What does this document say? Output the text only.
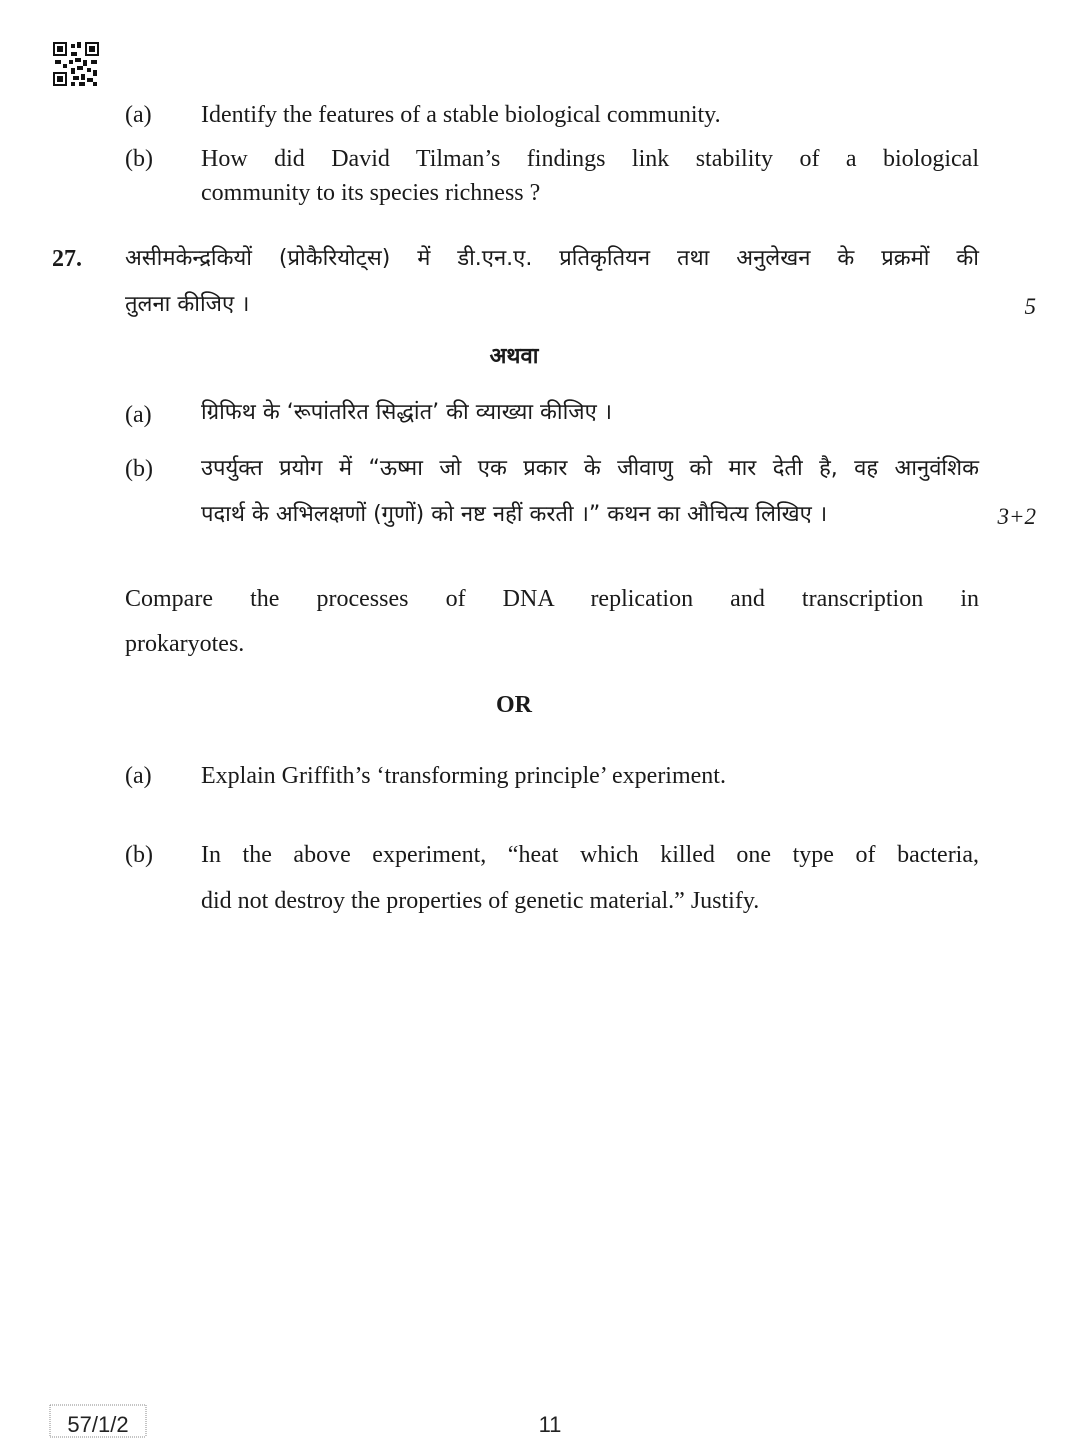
(a) Identify the features of a stable biological community.
(b) How did David Tilman’s findings link stability of a biological
community to its species richness ?
27. असीमकेन्द्रकियों (प्रोकैरियोट्स) में डी.एन.ए. प्रतिकृतियन तथा अनुलेखन के प्रक्रमों की
तुलना कीजिए ।	5
अथवा
(a) ग्रिफिथ के ‘रूपांतरित सिद्धांत’ की व्याख्या कीजिए ।
(b) उपर्युक्त प्रयोग में “ऊष्मा जो एक प्रकार के जीवाणु को मार देती है, वह आनुवंशिक
पदार्थ के अभिलक्षणों (गुणों) को नष्ट नहीं करती ।” कथन का औचित्य लिखिए ।	3+2
Compare the processes of DNA replication and transcription in
prokaryotes.
OR
(a) Explain Griffith’s ‘transforming principle’ experiment.
(b) In the above experiment, “heat which killed one type of bacteria,
did not destroy the properties of genetic material.” Justify.
57/1/2	11
